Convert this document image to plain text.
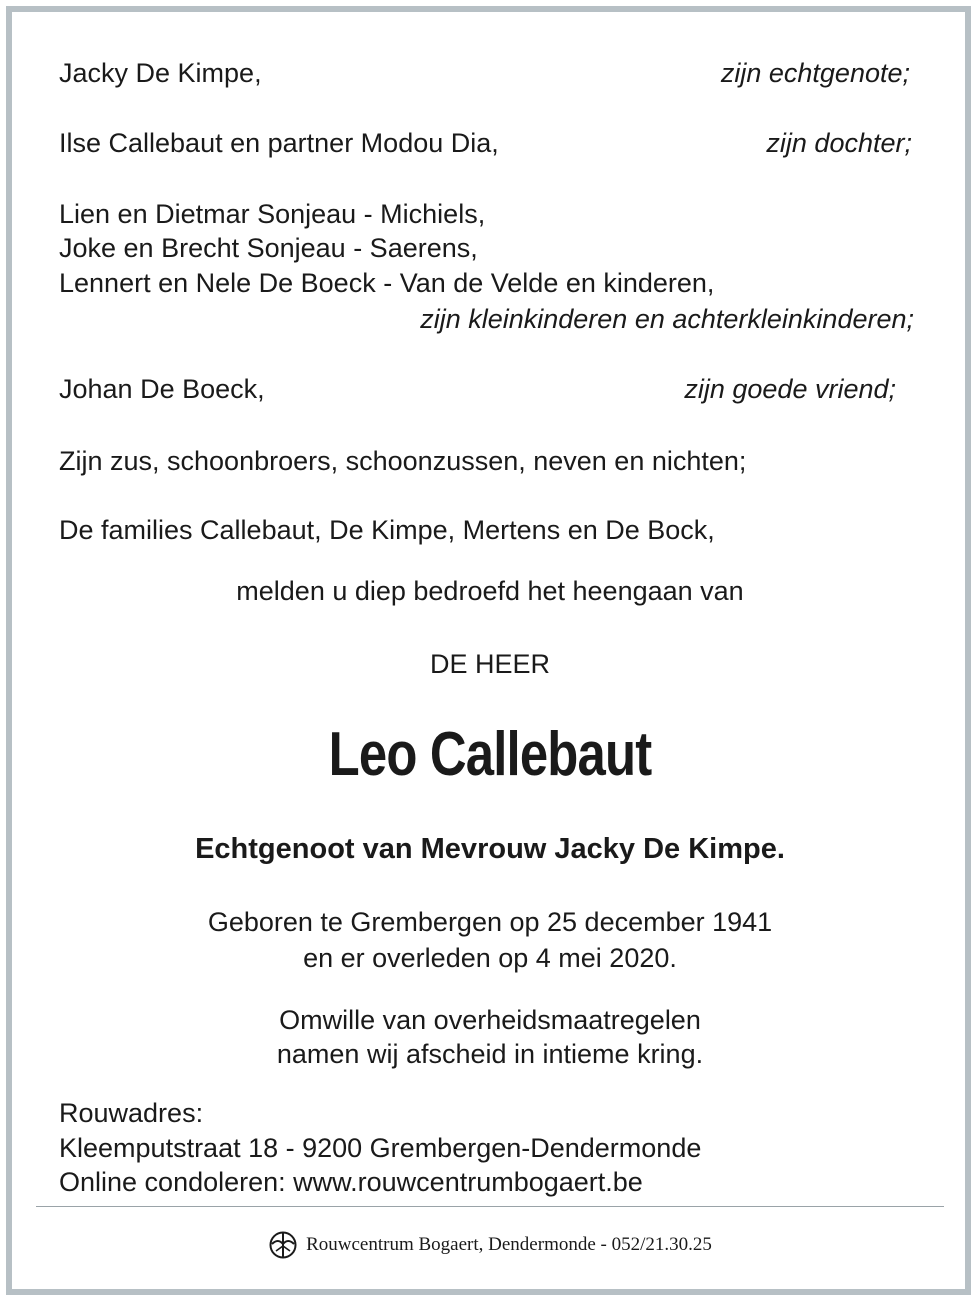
Jacky De Kimpe,	zijn echtgenote;
Ilse Callebaut en partner Modou Dia,	zijn dochter;
Lien en Dietmar Sonjeau - Michiels,
Joke en Brecht Sonjeau - Saerens,
Lennert en Nele De Boeck - Van de Velde en kinderen,
zijn kleinkinderen en achterkleinkinderen;
Johan De Boeck,	zijn goede vriend;
Zijn zus, schoonbroers, schoonzussen, neven en nichten;
De families Callebaut, De Kimpe, Mertens en De Bock,
melden u diep bedroefd het heengaan van
DE HEER
Leo Callebaut
Echtgenoot van Mevrouw Jacky De Kimpe.
Geboren te Grembergen op 25 december 1941
en er overleden op 4 mei 2020.
Omwille van overheidsmaatregelen
namen wij afscheid in intieme kring.
Rouwadres:
Kleemputstraat 18 - 9200 Grembergen-Dendermonde
Online condoleren: www.rouwcentrumbogaert.be
Rouwcentrum Bogaert, Dendermonde - 052/21.30.25
